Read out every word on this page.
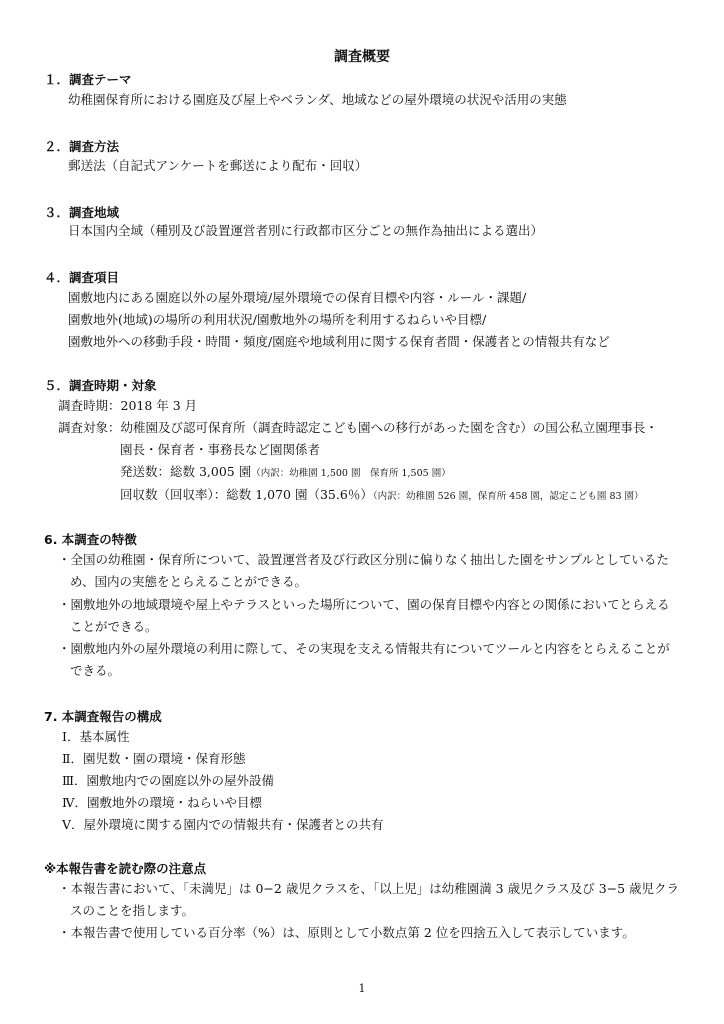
調査概要
１．調査テーマ
幼稚園保育所における園庭及び屋上やベランダ、地域などの屋外環境の状況や活用の実態
２．調査方法
郵送法（自記式アンケートを郵送により配布・回収）
３．調査地域
日本国内全域（種別及び設置運営者別に行政都市区分ごとの無作為抽出による選出）
４．調査項目
園敷地内にある園庭以外の屋外環境/屋外環境での保育目標や内容・ルール・課題/
園敷地外(地域)の場所の利用状況/園敷地外の場所を利用するねらいや目標/
園敷地外への移動手段・時間・頻度/園庭や地域利用に関する保育者間・保護者との情報共有など
５．調査時期・対象
調査時期：2018 年 3 月
調査対象：幼稚園及び認可保育所（調査時認定こども園への移行があった園を含む）の国公私立園理事長・
園長・保育者・事務長など園関係者
発送数：総数 3,005 園（内訳：幼稚園 1,500 園　保育所 1,505 園）
回収数（回収率）：総数 1,070 園（35.6％）（内訳：幼稚園 526 園，保育所 458 園，認定こども園 83 園）
6. 本調査の特徴
・全国の幼稚園・保育所について、設置運営者及び行政区分別に偏りなく抽出した園をサンプルとしているた
め、国内の実態をとらえることができる。
・園敷地外の地域環境や屋上やテラスといった場所について、園の保育目標や内容との関係においてとらえる
ことができる。
・園敷地内外の屋外環境の利用に際して、その実現を支える情報共有についてツールと内容をとらえることが
できる。
7. 本調査報告の構成
Ⅰ．基本属性
Ⅱ．園児数・園の環境・保育形態
Ⅲ．園敷地内での園庭以外の屋外設備
Ⅳ．園敷地外の環境・ねらいや目標
Ⅴ．屋外環境に関する園内での情報共有・保護者との共有
※本報告書を読む際の注意点
・本報告書において、「未満児」は 0−2 歳児クラスを、「以上児」は幼稚園満 3 歳児クラス及び 3−5 歳児クラ
スのことを指します。
・本報告書で使用している百分率（%）は、原則として小数点第 2 位を四捨五入して表示しています。
1
